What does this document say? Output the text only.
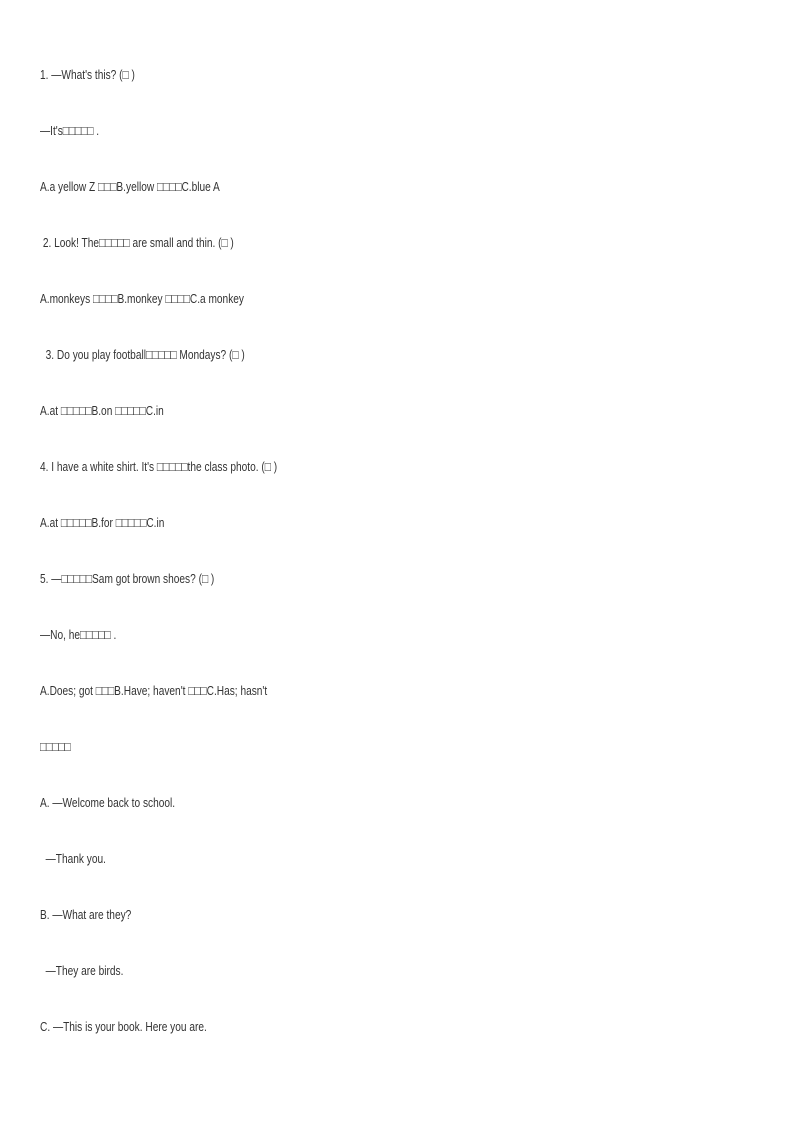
1. —What's this? (□ )
—It's□□□□□ .
A.a yellow Z □□□B.yellow □□□□C.blue A
2. Look! The□□□□□ are small and thin. (□ )
A.monkeys □□□□B.monkey □□□□C.a monkey
3. Do you play football□□□□□ Mondays? (□ )
A.at □□□□□B.on □□□□□C.in
4. I have a white shirt. It's □□□□□the class photo. (□ )
A.at □□□□□B.for □□□□□C.in
5. —□□□□□Sam got brown shoes? (□ )
—No, he□□□□□ .
A.Does; got □□□B.Have; haven't □□□C.Has; hasn't
□□□□□
A. —Welcome back to school.
—Thank you.
B. —What are they?
—They are birds.
C. —This is your book. Here you are.
